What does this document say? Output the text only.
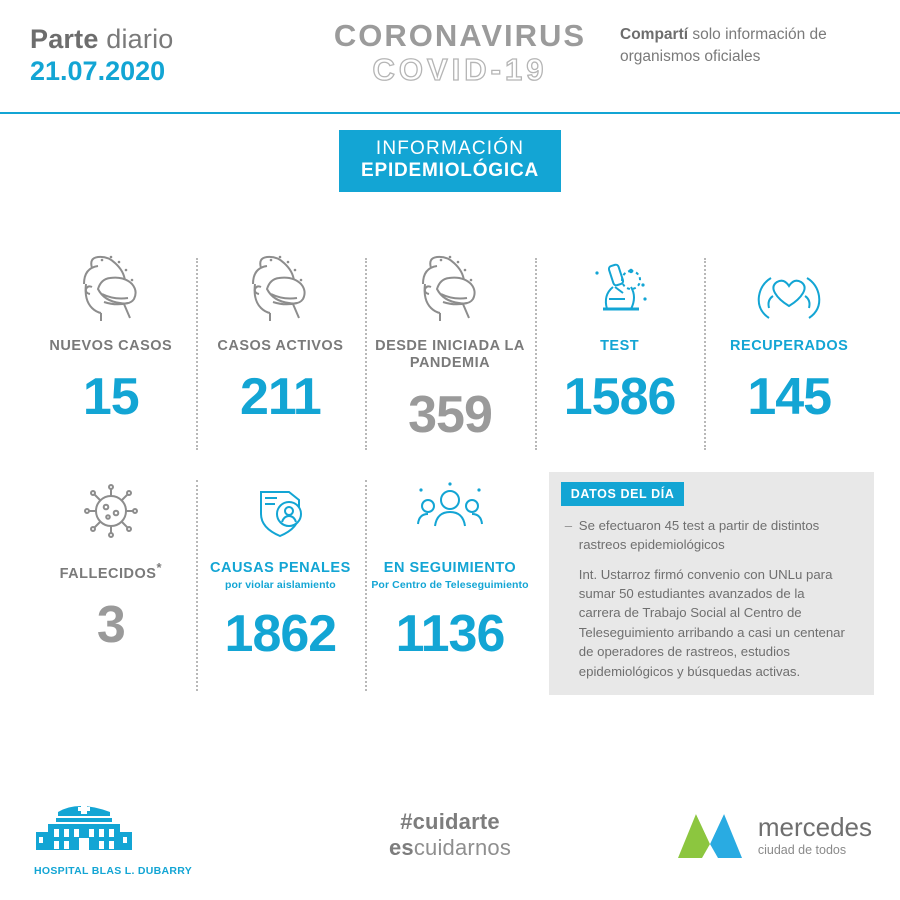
Parte diario
21.07.2020
CORONAVIRUS
COVID-19
Compartí solo información de organismos oficiales
INFORMACIÓN
EPIDEMIOLÓGICA
NUEVOS CASOS
15
CASOS ACTIVOS
211
DESDE INICIADA LA PANDEMIA
359
TEST
1586
RECUPERADOS
145
FALLECIDOS*
3
CAUSAS PENALES
por violar aislamiento
1862
EN SEGUIMIENTO
Por Centro de Teleseguimiento
1136
DATOS DEL DÍA

– Se efectuaron 45 test a partir de distintos rastreos epidemiológicos

Int. Ustarroz firmó convenio con UNLu para sumar 50 estudiantes avanzados de la carrera de Trabajo Social al Centro de Teleseguimiento arribando a casi un centenar de operadores de rastreos, estudios epidemiológicos y búsquedas activas.

HOSPITAL BLAS L. DUBARRY
#cuidarte
escuidarnos
mercedes
ciudad de todos
